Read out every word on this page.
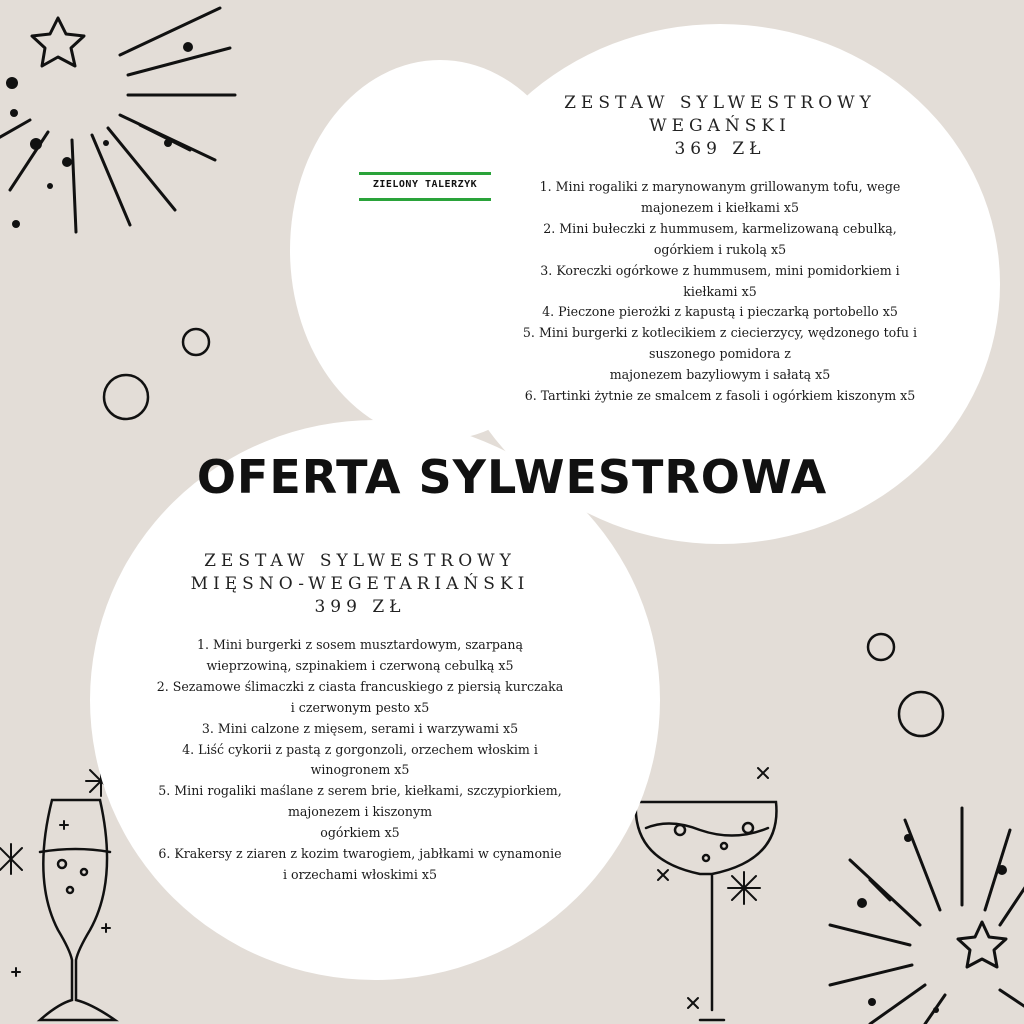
ZIELONY TALERZYK
ZESTAW SYLWESTROWY
WEGAŃSKI
369 ZŁ
1. Mini rogaliki z marynowanym grillowanym tofu, wege
majonezem i kiełkami x5
2. Mini bułeczki z hummusem, karmelizowaną cebulką,
ogórkiem i rukolą x5
3. Koreczki ogórkowe z hummusem, mini pomidorkiem i
kiełkami x5
4. Pieczone pierożki z kapustą i pieczarką portobello x5
5. Mini burgerki z kotlecikiem z ciecierzycy, wędzonego tofu i
suszonego pomidora z
majonezem bazyliowym i sałatą x5
6. Tartinki żytnie ze smalcem z fasoli i ogórkiem kiszonym x5
OFERTA SYLWESTROWA
ZESTAW SYLWESTROWY
MIĘSNO-WEGETARIAŃSKI
399 ZŁ
1. Mini burgerki z sosem musztardowym, szarpaną
wieprzowiną, szpinakiem i czerwoną cebulką x5
2. Sezamowe ślimaczki z ciasta francuskiego z piersią kurczaka
i czerwonym pesto x5
3. Mini calzone z mięsem, serami i warzywami x5
4. Liść cykorii z pastą z gorgonzoli, orzechem włoskim i
winogronem x5
5. Mini rogaliki maślane z serem brie, kiełkami, szczypiorkiem,
majonezem i kiszonym
ogórkiem x5
6. Krakersy z ziaren z kozim twarogiem, jabłkami w cynamonie
i orzechami włoskimi x5
